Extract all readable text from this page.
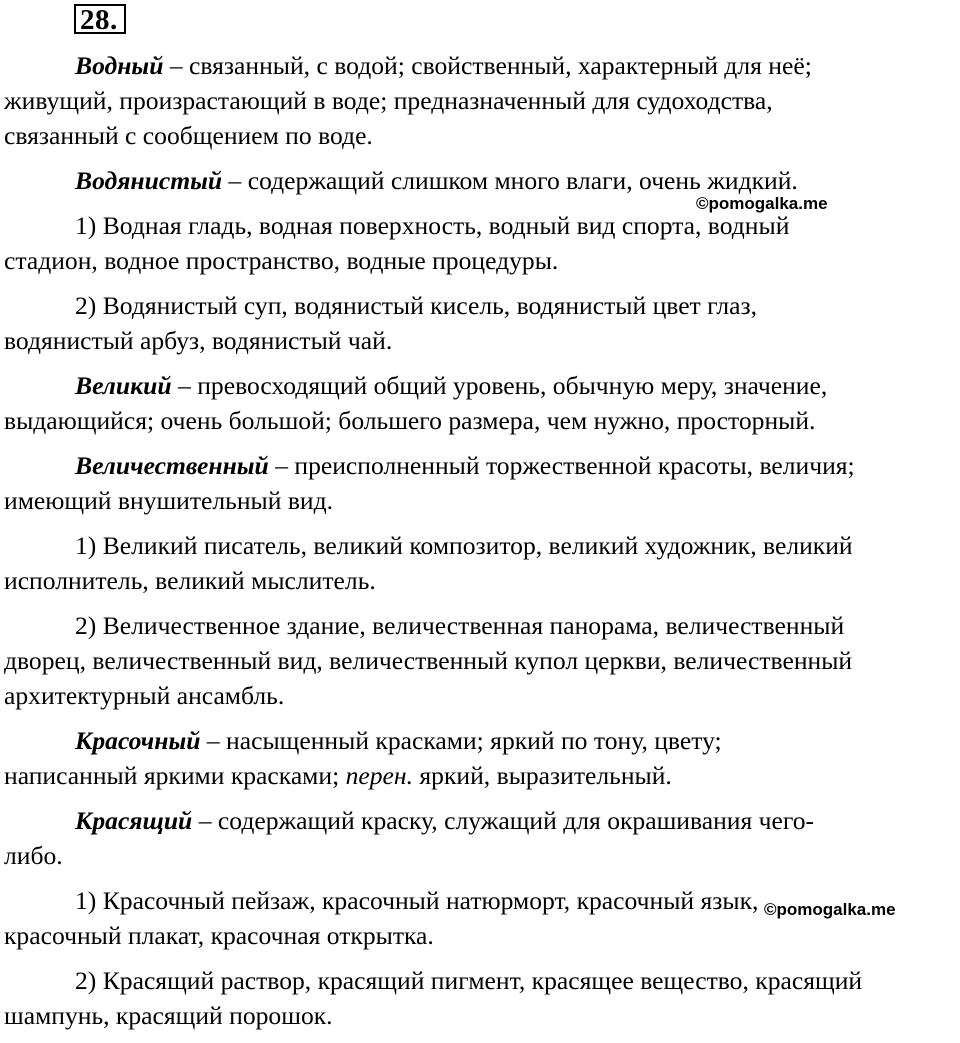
28.

Водный – связанный, с водой; свойственный, характерный для неё;
живущий, произрастающий в воде; предназначенный для судоходства,
связанный с сообщением по воде.

Водянистый – содержащий слишком много влаги, очень жидкий.

1) Водная гладь, водная поверхность, водный вид спорта, водный
стадион, водное пространство, водные процедуры.

2) Водянистый суп, водянистый кисель, водянистый цвет глаз,
водянистый арбуз, водянистый чай.

Великий – превосходящий общий уровень, обычную меру, значение,
выдающийся; очень большой; большего размера, чем нужно, просторный.

Величественный – преисполненный торжественной красоты, величия;
имеющий внушительный вид.

1) Великий писатель, великий композитор, великий художник, великий
исполнитель, великий мыслитель.

2) Величественное здание, величественная панорама, величественный
дворец, величественный вид, величественный купол церкви, величественный
архитектурный ансамбль.

Красочный – насыщенный красками; яркий по тону, цвету;
написанный яркими красками; перен. яркий, выразительный.

Красящий – содержащий краску, служащий для окрашивания чего-
либо.

1) Красочный пейзаж, красочный натюрморт, красочный язык,
красочный плакат, красочная открытка.

2) Красящий раствор, красящий пигмент, красящее вещество, красящий
шампунь, красящий порошок.

©pomogalka.me
©pomogalka.me
